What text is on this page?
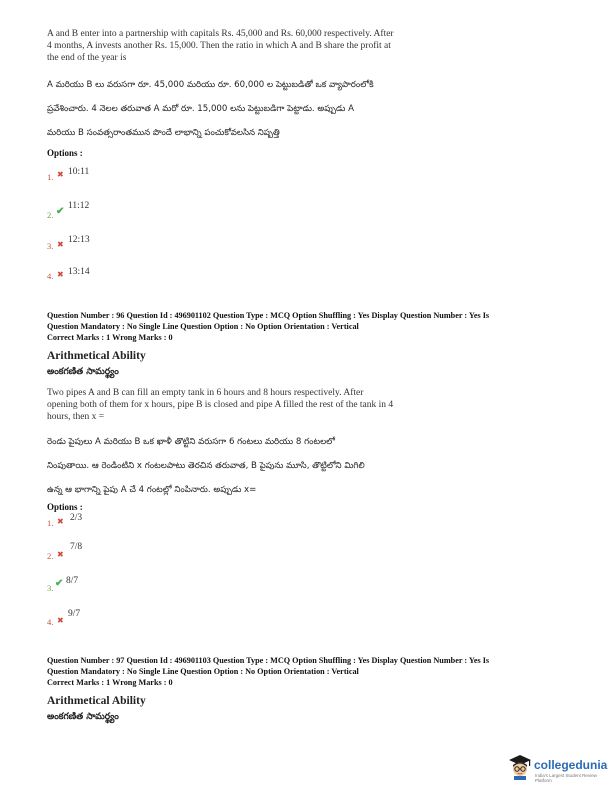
A and B enter into a partnership with capitals Rs. 45,000 and Rs. 60,000 respectively. After
4 months, A invests another Rs. 15,000. Then the ratio in which A and B share the profit at
the end of the year is
A మరియు B లు వరుసగా రూ. 45,000 మరియు రూ. 60,000 ల పెట్టుబడితో ఒక వ్యాపారంలోకి
ప్రవేశించారు. 4 నెలల తరువాత A మరో రూ. 15,000 లను పెట్టుబడిగా పెట్టాడు. అప్పుడు A
మరియు B సంవత్సరాంతమున పొందే లాభాన్ని పంచుకోవలసిన నిష్పత్తి
Options :
1. ✖ 10:11
2. ✔ 11:12
3. ✖ 12:13
4. ✖ 13:14
Question Number : 96 Question Id : 496901102 Question Type : MCQ Option Shuffling : Yes Display Question Number : Yes Is
Question Mandatory : No Single Line Question Option : No Option Orientation : Vertical
Correct Marks : 1 Wrong Marks : 0
Arithmetical Ability
అంకగణిత సామర్థ్యం
Two pipes A and B can fill an empty tank in 6 hours and 8 hours respectively. After
opening both of them for x hours, pipe B is closed and pipe A filled the rest of the tank in 4
hours, then x =
రెండు పైపులు A మరియు B ఒక ఖాళీ తొట్టిని వరుసగా 6 గంటలు మరియు 8 గంటలలో
నింపుతాయి. ఆ రెండింటిని x గంటలపాటు తెరచిన తరువాత, B పైపును మూసి, తొట్టిలోని మిగిలి
ఉన్న ఆ భాగాన్ని పైపు A చే 4 గంటల్లో నింపినారు. అప్పుడు x=
Options :
1. ✖ 2/3
2. ✖
7/8
3. ✔ 8/7
4. ✖
9/7
Question Number : 97 Question Id : 496901103 Question Type : MCQ Option Shuffling : Yes Display Question Number : Yes Is
Question Mandatory : No Single Line Question Option : No Option Orientation : Vertical
Correct Marks : 1 Wrong Marks : 0
Arithmetical Ability
అంకగణిత సామర్థ్యం
collegedunia
India's Largest Student Review Platform
